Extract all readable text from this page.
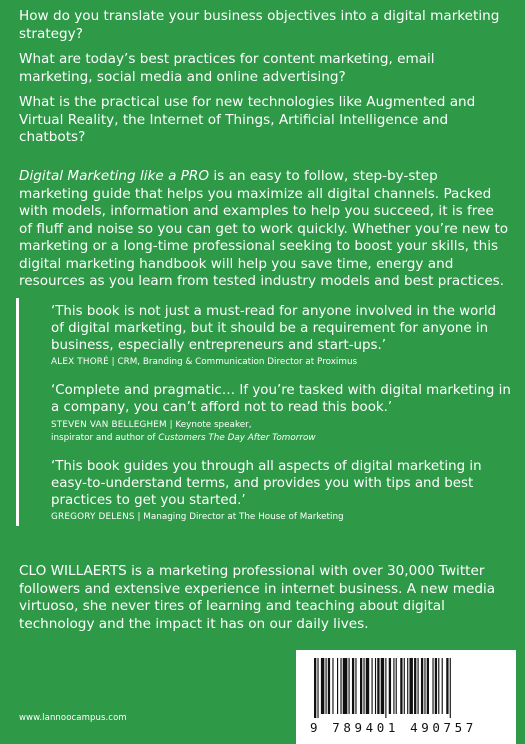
How do you translate your business objectives into a digital marketing strategy?

What are today’s best practices for content marketing, email marketing, social media and online advertising?

What is the practical use for new technologies like Augmented and Virtual Reality, the Internet of Things, Artificial Intelligence and chatbots?

Digital Marketing like a PRO is an easy to follow, step-by-step marketing guide that helps you maximize all digital channels. Packed with models, information and examples to help you succeed, it is free of fluff and noise so you can get to work quickly. Whether you’re new to marketing or a long-time professional seeking to boost your skills, this digital marketing handbook will help you save time, energy and resources as you learn from tested industry models and best practices.
‘This book is not just a must-read for anyone involved in the world of digital marketing, but it should be a requirement for anyone in business, especially entrepreneurs and start-ups.’
ALEX THORÉ | CRM, Branding & Communication Director at Proximus
‘Complete and pragmatic… If you’re tasked with digital marketing in a company, you can’t afford not to read this book.’
STEVEN VAN BELLEGHEM | Keynote speaker,
inspirator and author of Customers The Day After Tomorrow
‘This book guides you through all aspects of digital marketing in easy-to-understand terms, and provides you with tips and best practices to get you started.’
GREGORY DELENS | Managing Director at The House of Marketing
CLO WILLAERTS is a marketing professional with over 30,000 Twitter followers and extensive experience in internet business. A new media virtuoso, she never tires of learning and teaching about digital technology and the impact it has on our daily lives.
www.lannoocampus.com
9 789401 490757
